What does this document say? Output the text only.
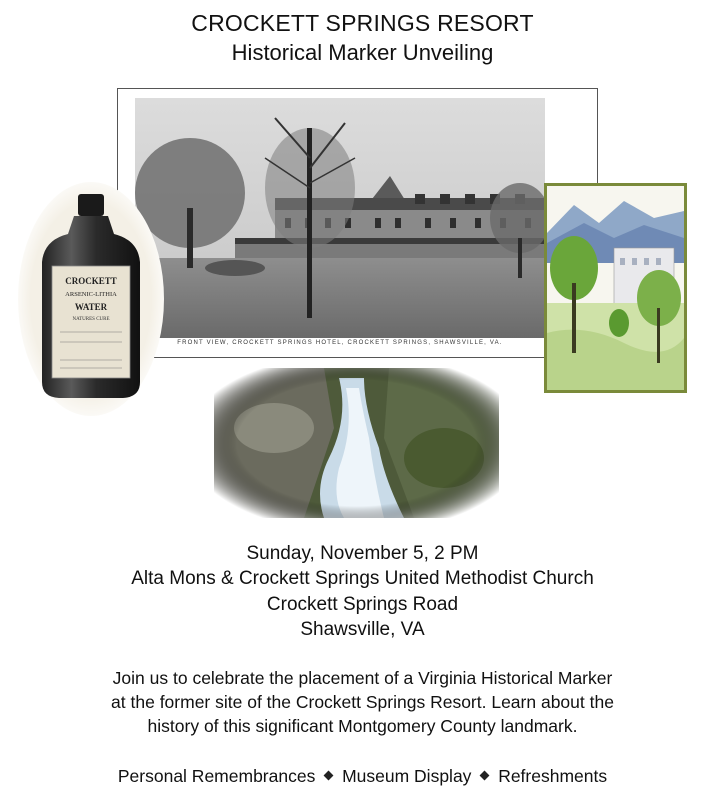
CROCKETT SPRINGS RESORT
Historical Marker Unveiling
FRONT VIEW, CROCKETT SPRINGS HOTEL, CROCKETT SPRINGS, SHAWSVILLE, VA.
CROCKETT
ARSENIC-LITHIA
WATER
NATURES CURE
Sunday, November 5, 2 PM
Alta Mons & Crockett Springs United Methodist Church
Crockett Springs Road
Shawsville, VA
Join us to celebrate the placement of a Virginia Historical Marker
at the former site of the Crockett Springs Resort. Learn about the
history of this significant Montgomery County landmark.
Personal Remembrances Museum Display Refreshments
